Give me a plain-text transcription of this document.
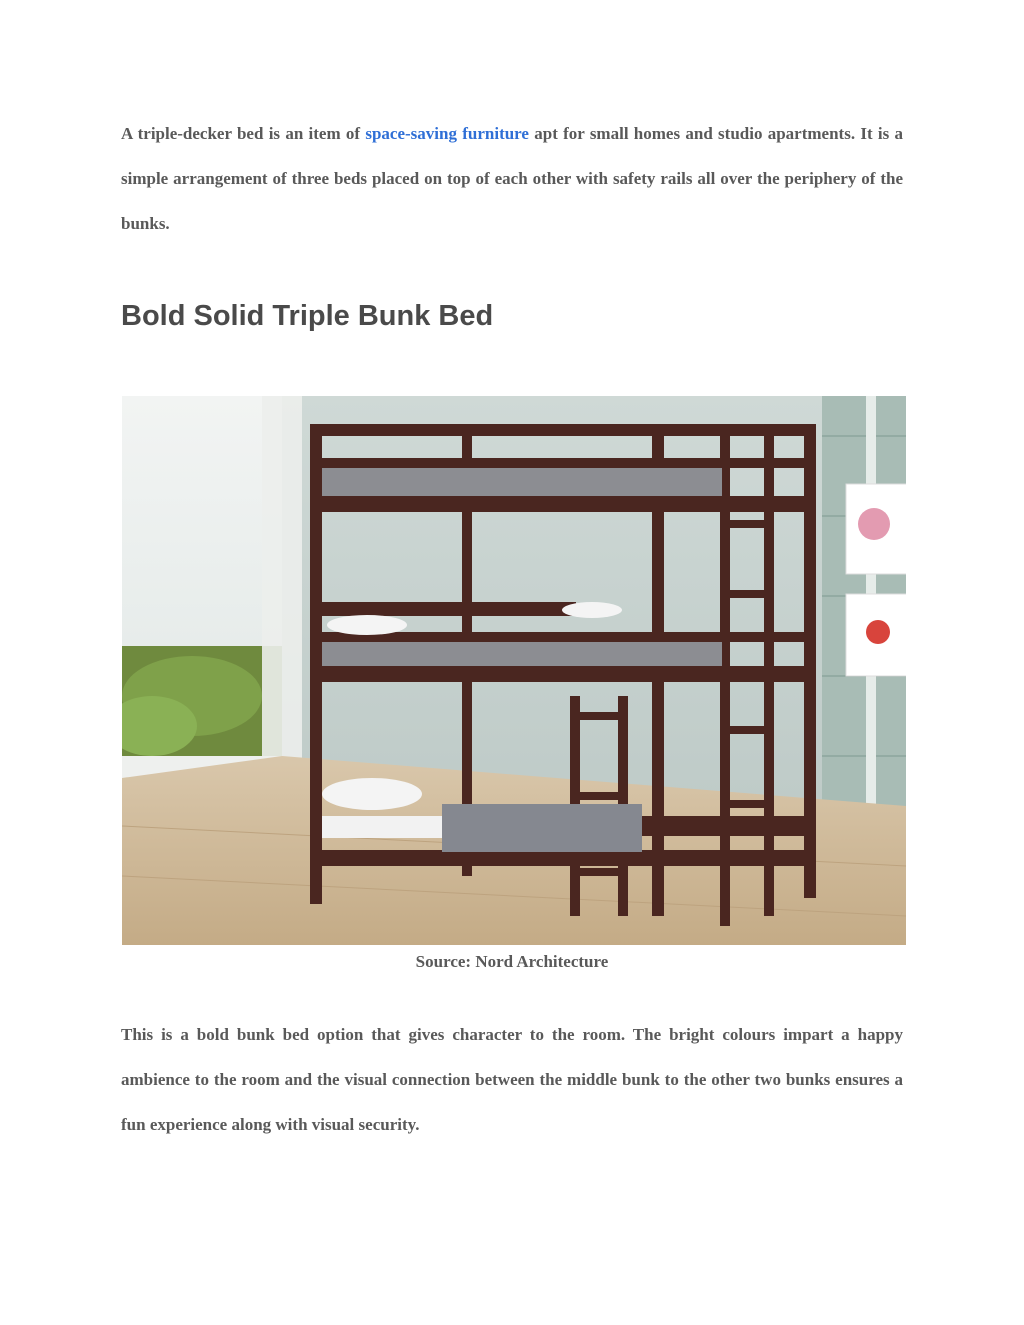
A triple-decker bed is an item of space-saving furniture apt for small homes and studio apartments. It is a simple arrangement of three beds placed on top of each other with safety rails all over the periphery of the bunks.

Bold Solid Triple Bunk Bed

Source: Nord Architecture

This is a bold bunk bed option that gives character to the room. The bright colours impart a happy ambience to the room and the visual connection between the middle bunk to the other two bunks ensures a fun experience along with visual security.
